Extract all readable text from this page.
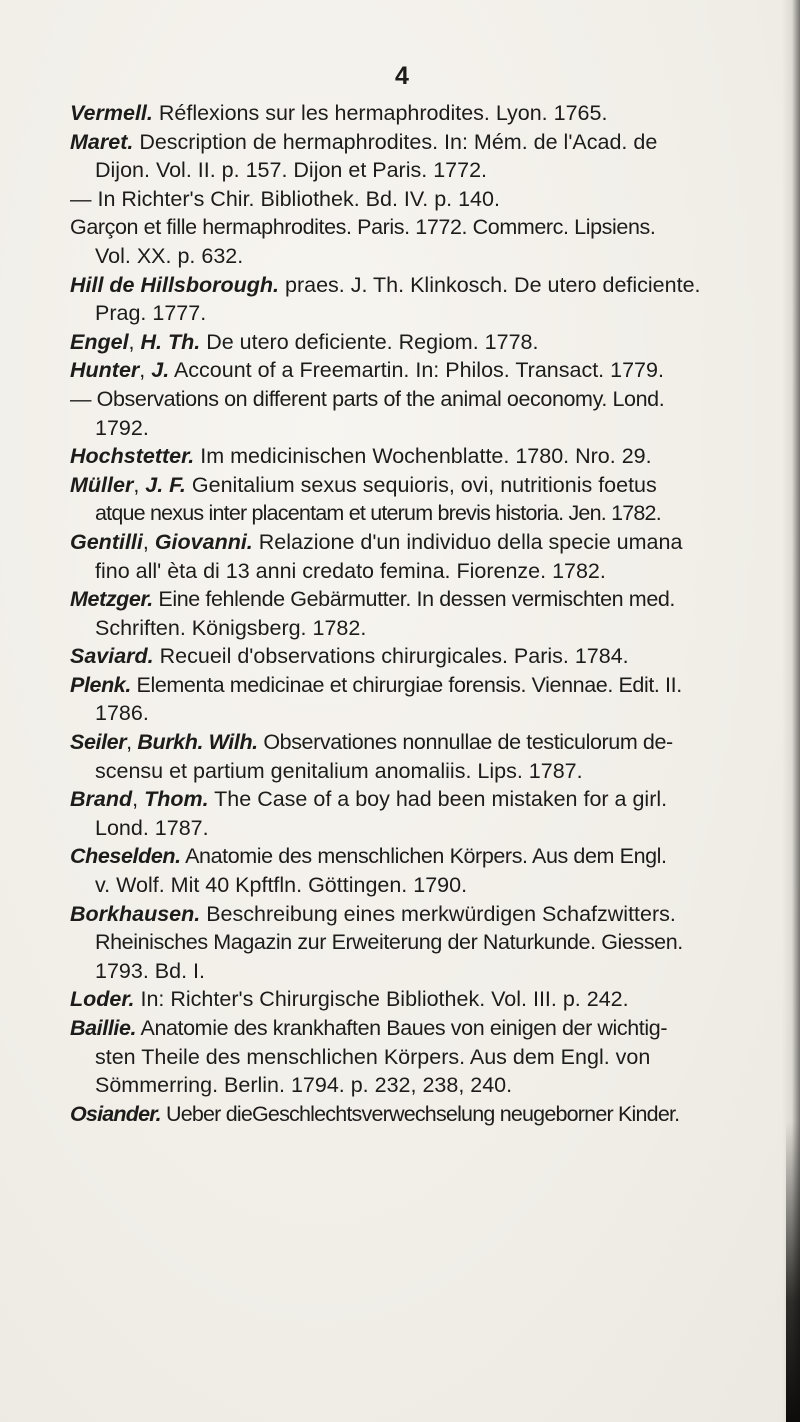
4
Vermell. Réflexions sur les hermaphrodites. Lyon. 1765.
Maret. Description de hermaphrodites. In: Mém. de l'Acad. de
Dijon. Vol. II. p. 157. Dijon et Paris. 1772.
— In Richter's Chir. Bibliothek. Bd. IV. p. 140.
Garçon et fille hermaphrodites. Paris. 1772. Commerc. Lipsiens.
Vol. XX. p. 632.
Hill de Hillsborough. praes. J. Th. Klinkosch. De utero deficiente.
Prag. 1777.
Engel, H. Th. De utero deficiente. Regiom. 1778.
Hunter, J. Account of a Freemartin. In: Philos. Transact. 1779.
— Observations on different parts of the animal oeconomy. Lond.
1792.
Hochstetter. Im medicinischen Wochenblatte. 1780. Nro. 29.
Müller, J. F. Genitalium sexus sequioris, ovi, nutritionis foetus
atque nexus inter placentam et uterum brevis historia. Jen. 1782.
Gentilli, Giovanni. Relazione d'un individuo della specie umana
fino all' èta di 13 anni credato femina. Fiorenze. 1782.
Metzger. Eine fehlende Gebärmutter. In dessen vermischten med.
Schriften. Königsberg. 1782.
Saviard. Recueil d'observations chirurgicales. Paris. 1784.
Plenk. Elementa medicinae et chirurgiae forensis. Viennae. Edit. II.
1786.
Seiler, Burkh. Wilh. Observationes nonnullae de testiculorum de-
scensu et partium genitalium anomaliis. Lips. 1787.
Brand, Thom. The Case of a boy had been mistaken for a girl.
Lond. 1787.
Cheselden. Anatomie des menschlichen Körpers. Aus dem Engl.
v. Wolf. Mit 40 Kpftfln. Göttingen. 1790.
Borkhausen. Beschreibung eines merkwürdigen Schafzwitters.
Rheinisches Magazin zur Erweiterung der Naturkunde. Giessen.
1793. Bd. I.
Loder. In: Richter's Chirurgische Bibliothek. Vol. III. p. 242.
Baillie. Anatomie des krankhaften Baues von einigen der wichtig-
sten Theile des menschlichen Körpers. Aus dem Engl. von
Sömmerring. Berlin. 1794. p. 232, 238, 240.
Osiander. Ueber dieGeschlechtsverwechselung neugeborner Kinder.
